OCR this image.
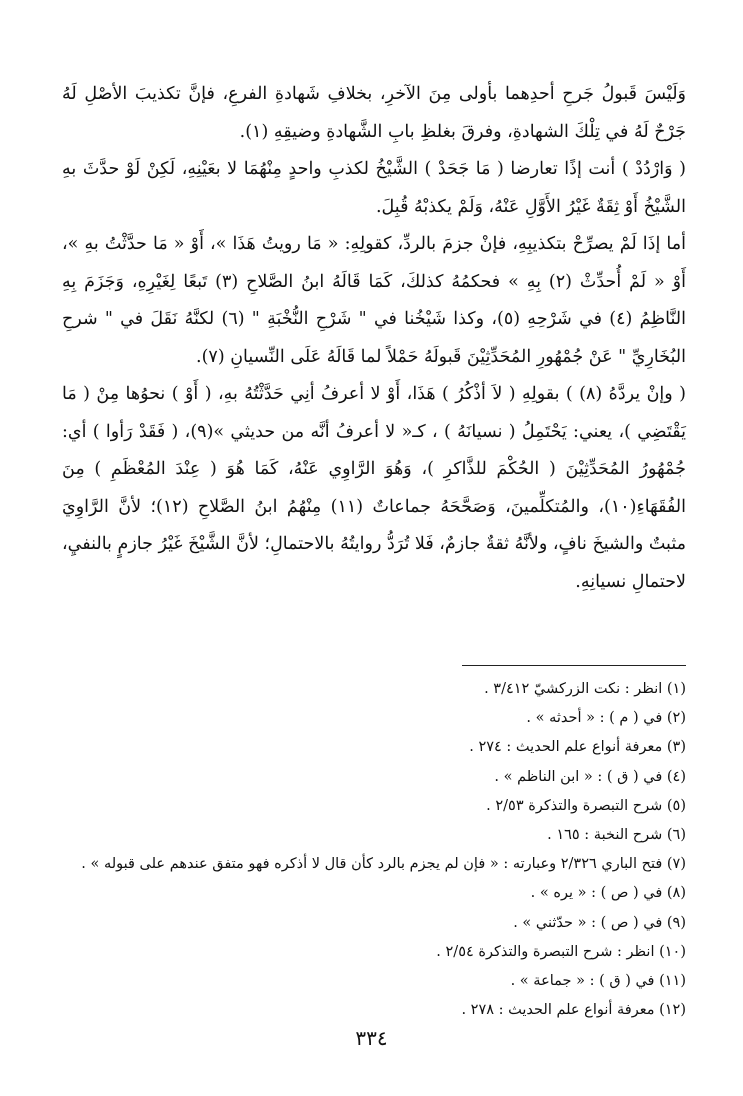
وَلَيْسَ قَبولُ جَرحِ أحدِهما بأولى مِنَ الآخرِ، بخلافِ شَهادةِ الفرعِ، فإنَّ تكذيبَ الأصْلِ لَهُ جَرْحٌ لَهُ في تِلْكَ الشهادةِ، وفرقَ بغلظِ بابِ الشَّهادةِ وضيقِهِ (١).

( وَارْدُدْ ) أنت إذًا تعارضا ( مَا جَحَدْ ) الشَّيْخُ لكذبِ واحدٍ مِنْهُمَا لا بعَيْنِهِ، لَكِنْ لَوْ حدَّثَ بهِ الشَّيْخُ أَوْ ثِقَةٌ غَيْرُ الأَوَّلِ عَنْهُ، وَلَمْ يكذبْهُ قُبِلَ.

أما إذَا لَمْ يصرِّحْ بتكذيبِهِ، فإنْ جزمَ بالردِّ، كقولِهِ: « مَا رويتُ هَذَا »، أَوْ « مَا حدَّثْتُ بهِ »، أَوْ « لَمْ أُحدِّثْ (٢) بِهِ » فحكمُهُ كذلكَ، كَمَا قَالَهُ ابنُ الصَّلاحِ (٣) تَبعًا لِغَيْرِهِ، وَجَزَمَ بِهِ النَّاظِمُ (٤) في شَرْحِهِ (٥)، وكذا شَيْخُنا في " شَرْحِ النُّخْبَةِ " (٦) لكنَّهُ نَقَلَ في " شرحِ البُخَارِيِّ " عَنْ جُمْهُورِ المُحَدِّثِيْنَ قَبولَهُ حَمْلاً لما قَالَهُ عَلَى النِّسيانِ (٧).

( وإنْ يردَّهُ (٨) ) بقولِهِ ( لاَ أذْكُرُ ) هَذَا، أَوْ لا أعرفُ أنِي حَدَّثْتُهُ بهِ، ( أَوْ ) نحوُها مِنْ ( مَا يَقْتَضِي )، يعني: يَحْتَمِلُ ( نسيانَهُ ) ، كـ« لا أعرفُ أنَّه من حديثي »(٩)، ( فَقَدْ رَأوا ) أي: جُمْهُورُ المُحَدِّثِيْنَ ( الحُكْمَ للذَّاكرِ )، وَهُوَ الرَّاوِي عَنْهُ، كَمَا هُوَ ( عِنْدَ المُعْظَمِ ) مِنَ الفُقَهَاءِ(١٠)، والمُتكلِّمينَ، وَصَحَّحَهُ جماعاتٌ (١١) مِنْهُمُ ابنُ الصَّلاحِ (١٢)؛ لأنَّ الرَّاوِيَ مثبتٌ والشيخَ نافٍ، ولأنَّهُ ثقةٌ جازمٌ، فَلا تُرَدُّ روايتُهُ بالاحتمالِ؛ لأنَّ الشَّيْخَ غَيْرُ جازمٍ بالنفيِ، لاحتمالِ نسيانِهِ.

(١) انظر : نكت الزركشيّ ٣/٤١٢ .

(٢) في ( م ) : « أحدثه » .

(٣) معرفة أنواع علم الحديث : ٢٧٤ .

(٤) في ( ق ) : « ابن الناظم » .

(٥) شرح التبصرة والتذكرة ٢/٥٣ .

(٦) شرح النخبة : ١٦٥ .

(٧) فتح الباري ٢/٣٢٦ وعبارته : « فإن لم يجزم بالرد كأن قال لا أذكره فهو متفق عندهم على قبوله » .

(٨) في ( ص ) : « يره » .

(٩) في ( ص ) : « حدّثني » .

(١٠) انظر : شرح التبصرة والتذكرة ٢/٥٤ .

(١١) في ( ق ) : « جماعة » .

(١٢) معرفة أنواع علم الحديث : ٢٧٨ .

٣٣٤
